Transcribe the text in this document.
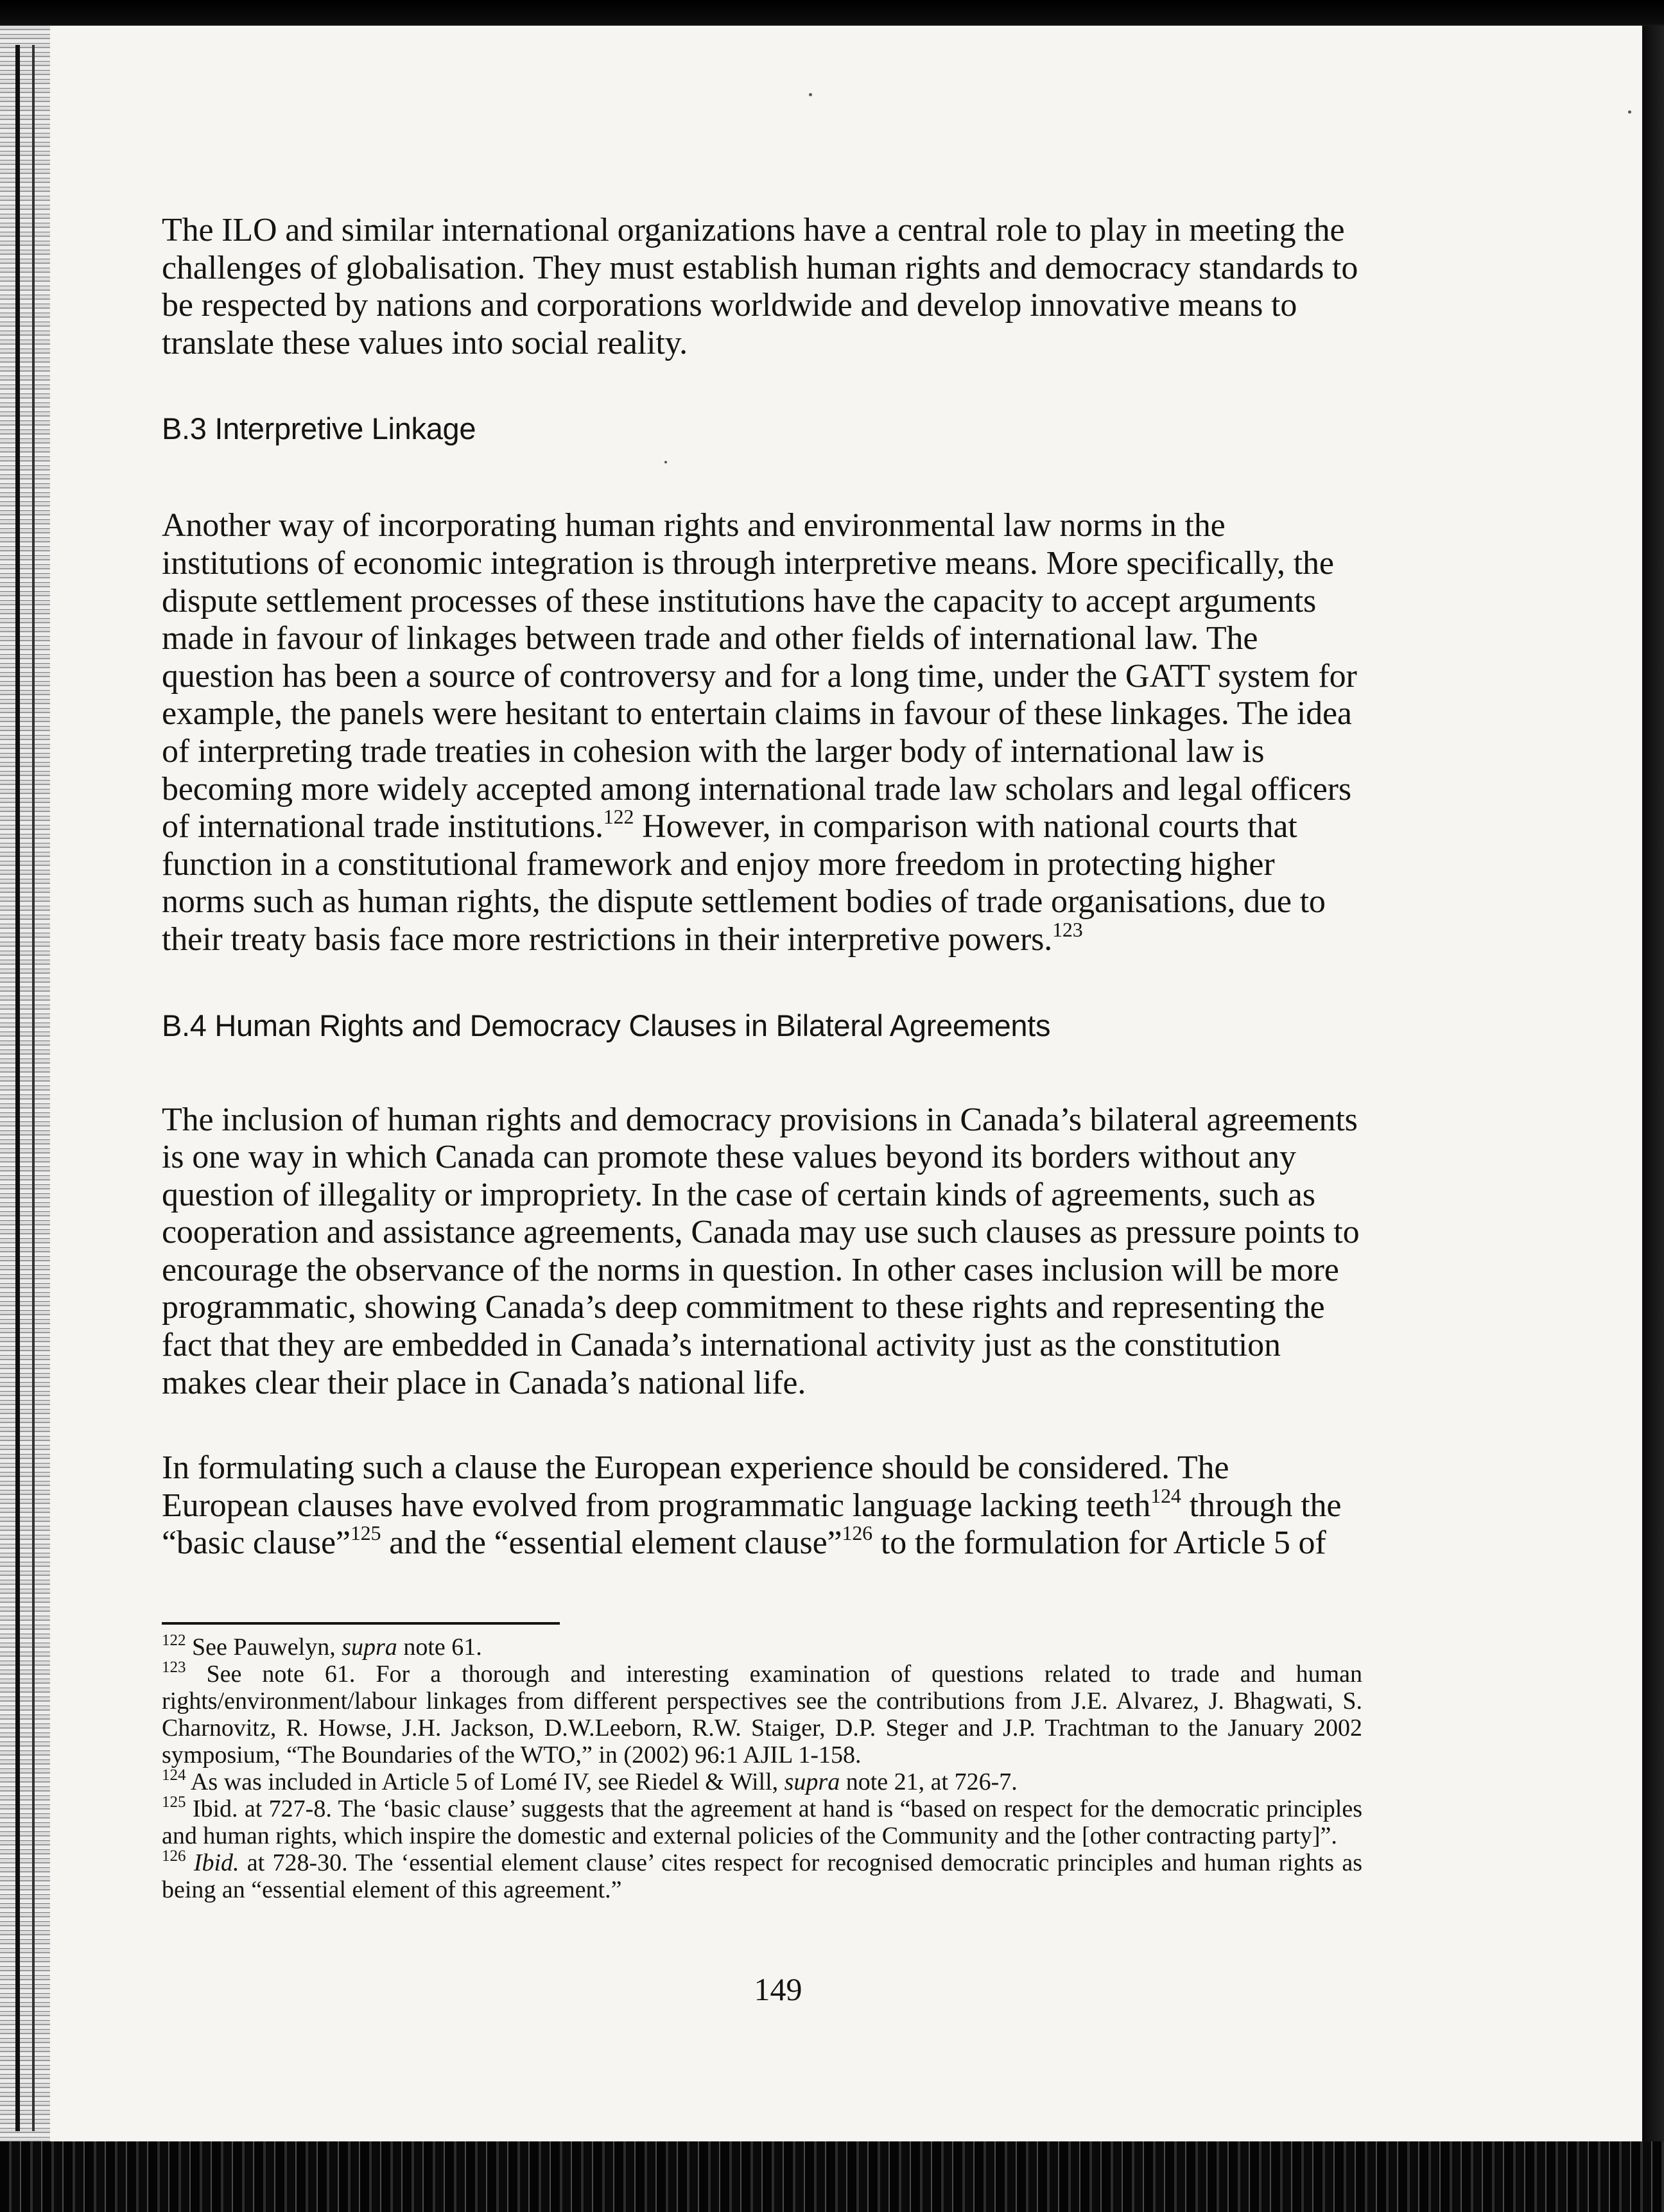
The ILO and similar international organizations have a central role to play in meeting the challenges of globalisation. They must establish human rights and democracy standards to be respected by nations and corporations worldwide and develop innovative means to translate these values into social reality.

B.3 Interpretive Linkage

Another way of incorporating human rights and environmental law norms in the institutions of economic integration is through interpretive means. More specifically, the dispute settlement processes of these institutions have the capacity to accept arguments made in favour of linkages between trade and other fields of international law. The question has been a source of controversy and for a long time, under the GATT system for example, the panels were hesitant to entertain claims in favour of these linkages. The idea of interpreting trade treaties in cohesion with the larger body of international law is becoming more widely accepted among international trade law scholars and legal officers of international trade institutions.$^{122}$ However, in comparison with national courts that function in a constitutional framework and enjoy more freedom in protecting higher norms such as human rights, the dispute settlement bodies of trade organisations, due to their treaty basis face more restrictions in their interpretive powers.$^{123}$

B.4 Human Rights and Democracy Clauses in Bilateral Agreements

The inclusion of human rights and democracy provisions in Canada’s bilateral agreements is one way in which Canada can promote these values beyond its borders without any question of illegality or impropriety. In the case of certain kinds of agreements, such as cooperation and assistance agreements, Canada may use such clauses as pressure points to encourage the observance of the norms in question. In other cases inclusion will be more programmatic, showing Canada’s deep commitment to these rights and representing the fact that they are embedded in Canada’s international activity just as the constitution makes clear their place in Canada’s national life.

In formulating such a clause the European experience should be considered. The European clauses have evolved from programmatic language lacking teeth$^{124}$ through the “basic clause”$^{125}$ and the “essential element clause”$^{126}$ to the formulation for Article 5 of

$^{122}$ See Pauwelyn, supra note 61.

$^{123}$ See note 61. For a thorough and interesting examination of questions related to trade and human rights/environment/labour linkages from different perspectives see the contributions from J.E. Alvarez, J. Bhagwati, S. Charnovitz, R. Howse, J.H. Jackson, D.W.Leeborn, R.W. Staiger, D.P. Steger and J.P. Trachtman to the January 2002 symposium, “The Boundaries of the WTO,” in (2002) 96:1 AJIL 1-158.

$^{124}$ As was included in Article 5 of Lomé IV, see Riedel & Will, supra note 21, at 726-7.

$^{125}$ Ibid. at 727-8. The ‘basic clause’ suggests that the agreement at hand is “based on respect for the democratic principles and human rights, which inspire the domestic and external policies of the Community and the [other contracting party]”.

$^{126}$ Ibid. at 728-30. The ‘essential element clause’ cites respect for recognised democratic principles and human rights as being an “essential element of this agreement.”

149
